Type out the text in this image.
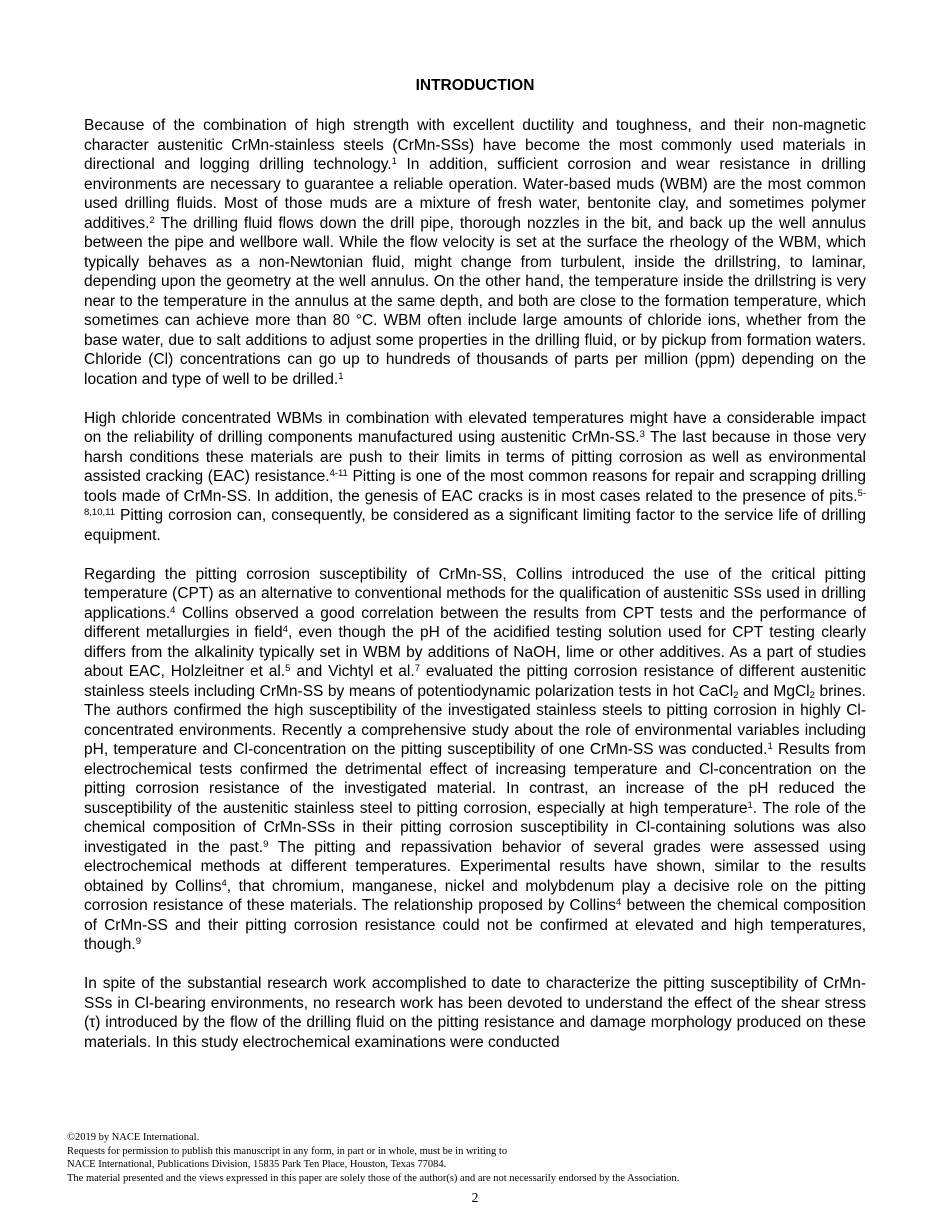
INTRODUCTION

Because of the combination of high strength with excellent ductility and toughness, and their non-magnetic character austenitic CrMn-stainless steels (CrMn-SSs) have become the most commonly used materials in directional and logging drilling technology.$^1$ In addition, sufficient corrosion and wear resistance in drilling environments are necessary to guarantee a reliable operation. Water-based muds (WBM) are the most common used drilling fluids. Most of those muds are a mixture of fresh water, bentonite clay, and sometimes polymer additives.$^2$ The drilling fluid flows down the drill pipe, thorough nozzles in the bit, and back up the well annulus between the pipe and wellbore wall. While the flow velocity is set at the surface the rheology of the WBM, which typically behaves as a non-Newtonian fluid, might change from turbulent, inside the drillstring, to laminar, depending upon the geometry at the well annulus. On the other hand, the temperature inside the drillstring is very near to the temperature in the annulus at the same depth, and both are close to the formation temperature, which sometimes can achieve more than 80 °C. WBM often include large amounts of chloride ions, whether from the base water, due to salt additions to adjust some properties in the drilling fluid, or by pickup from formation waters. Chloride (Cl) concentrations can go up to hundreds of thousands of parts per million (ppm) depending on the location and type of well to be drilled.$^1$

High chloride concentrated WBMs in combination with elevated temperatures might have a considerable impact on the reliability of drilling components manufactured using austenitic CrMn-SS.$^3$ The last because in those very harsh conditions these materials are push to their limits in terms of pitting corrosion as well as environmental assisted cracking (EAC) resistance.$^{4-11}$ Pitting is one of the most common reasons for repair and scrapping drilling tools made of CrMn-SS. In addition, the genesis of EAC cracks is in most cases related to the presence of pits.$^{5-8,10,11}$ Pitting corrosion can, consequently, be considered as a significant limiting factor to the service life of drilling equipment.

Regarding the pitting corrosion susceptibility of CrMn-SS, Collins introduced the use of the critical pitting temperature (CPT) as an alternative to conventional methods for the qualification of austenitic SSs used in drilling applications.$^4$ Collins observed a good correlation between the results from CPT tests and the performance of different metallurgies in field$^4$, even though the pH of the acidified testing solution used for CPT testing clearly differs from the alkalinity typically set in WBM by additions of NaOH, lime or other additives. As a part of studies about EAC, Holzleitner et al.$^5$ and Vichtyl et al.$^7$ evaluated the pitting corrosion resistance of different austenitic stainless steels including CrMn-SS by means of potentiodynamic polarization tests in hot CaCl$_2$ and MgCl$_2$ brines. The authors confirmed the high susceptibility of the investigated stainless steels to pitting corrosion in highly Cl-concentrated environments. Recently a comprehensive study about the role of environmental variables including pH, temperature and Cl-concentration on the pitting susceptibility of one CrMn-SS was conducted.$^1$ Results from electrochemical tests confirmed the detrimental effect of increasing temperature and Cl-concentration on the pitting corrosion resistance of the investigated material. In contrast, an increase of the pH reduced the susceptibility of the austenitic stainless steel to pitting corrosion, especially at high temperature$^1$. The role of the chemical composition of CrMn-SSs in their pitting corrosion susceptibility in Cl-containing solutions was also investigated in the past.$^9$ The pitting and repassivation behavior of several grades were assessed using electrochemical methods at different temperatures. Experimental results have shown, similar to the results obtained by Collins$^4$, that chromium, manganese, nickel and molybdenum play a decisive role on the pitting corrosion resistance of these materials. The relationship proposed by Collins$^4$ between the chemical composition of CrMn-SS and their pitting corrosion resistance could not be confirmed at elevated and high temperatures, though.$^9$

In spite of the substantial research work accomplished to date to characterize the pitting susceptibility of CrMn-SSs in Cl-bearing environments, no research work has been devoted to understand the effect of the shear stress (τ) introduced by the flow of the drilling fluid on the pitting resistance and damage morphology produced on these materials. In this study electrochemical examinations were conducted

©2019 by NACE International.
Requests for permission to publish this manuscript in any form, in part or in whole, must be in writing to
NACE International, Publications Division, 15835 Park Ten Place, Houston, Texas 77084.
The material presented and the views expressed in this paper are solely those of the author(s) and are not necessarily endorsed by the Association.
2
